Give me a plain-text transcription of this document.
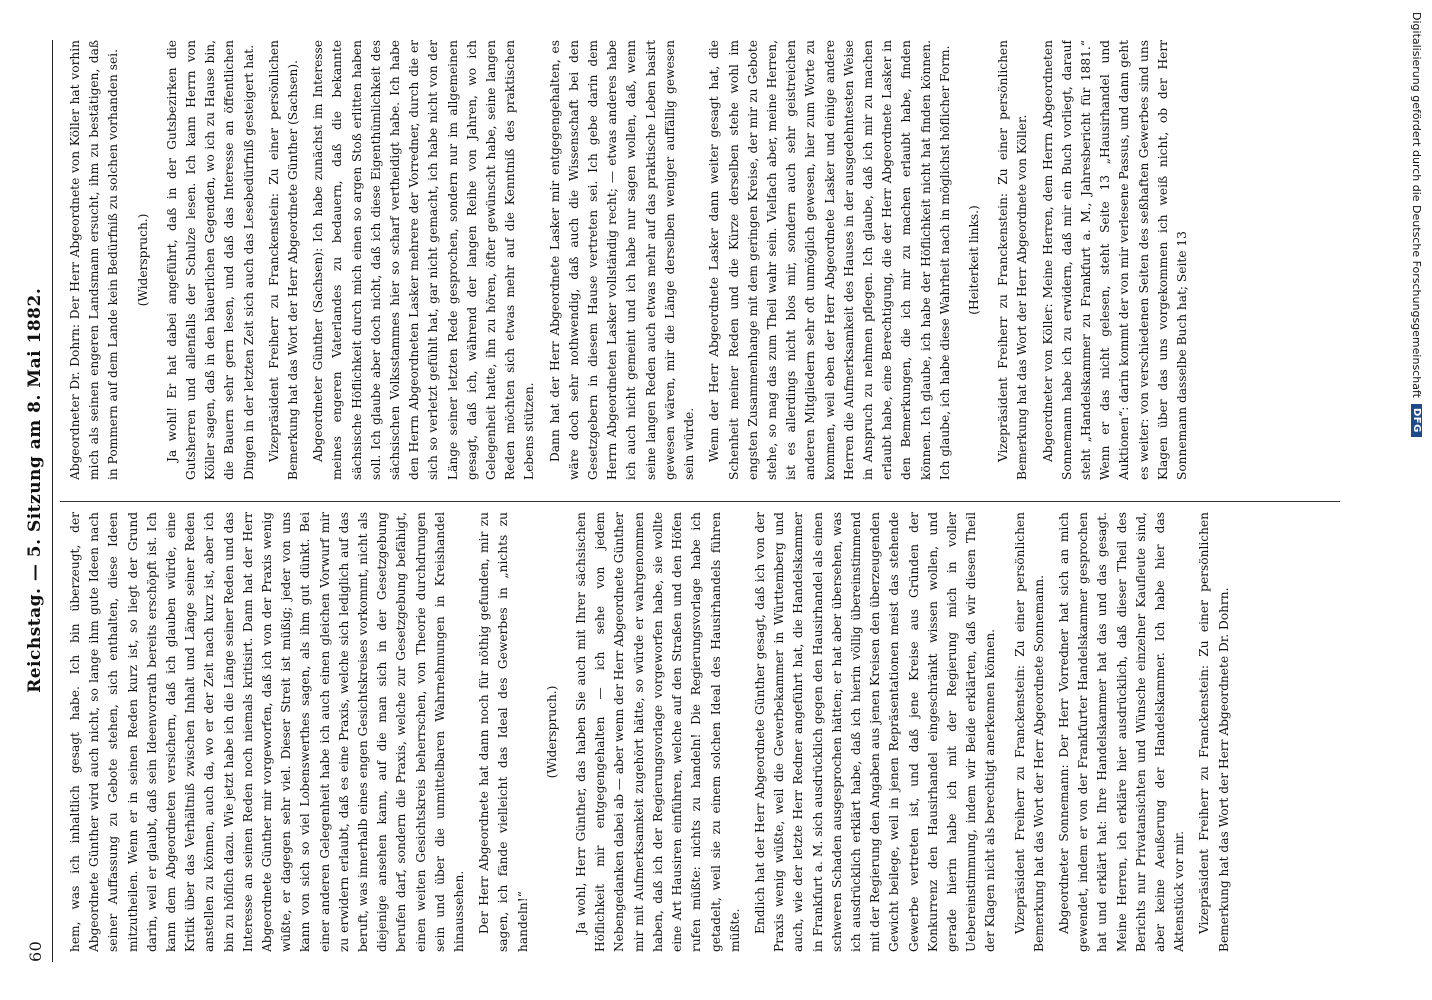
60
Reichstag. — 5. Sitzung am 8. Mai 1882.

hem, was ich inhaltlich gesagt habe. Ich bin überzeugt, der Abgeordnete Günther wird auch nicht, so lange ihm gute Ideen nach seiner Auffassung zu Gebote stehen, sich enthalten, diese Ideen mitzutheilen. Wenn er in seinen Reden kurz ist, so liegt der Grund darin, weil er glaubt, daß sein Ideenvorrath bereits erschöpft ist. Ich kann dem Abgeordneten versichern, daß ich glauben würde, eine Kritik über das Verhältniß zwischen Inhalt und Länge seiner Reden anstellen zu können, auch da, wo er der Zeit nach kurz ist, aber ich bin zu höflich dazu. Wie jetzt habe ich die Länge seiner Reden und das Interesse an seinen Reden noch niemals kritisirt. Dann hat der Herr Abgeordnete Günther mir vorgeworfen, daß ich von der Praxis wenig wüßte, er dagegen sehr viel. Dieser Streit ist müßig; jeder von uns kann von sich so viel Lobenswerthes sagen, als ihm gut dünkt. Bei einer anderen Gelegenheit habe ich auch einen gleichen Vorwurf mir zu erwidern erlaubt, daß es eine Praxis, welche sich lediglich auf das beruft, was innerhalb eines engen Gesichtskreises vorkommt, nicht als diejenige ansehen kann, auf die man sich in der Gesetzgebung berufen darf, sondern die Praxis, welche zur Gesetzgebung befähigt, einen weiten Gesichtskreis beherrschen, von Theorie durchdrungen sein und über die unmittelbaren Wahrnehmungen in Kreishandel hinaussehen. Der Herr Abgeordnete hat dann noch für nöthig gefunden, mir zu sagen, ich fände vielleicht das Ideal des Gewerbes in „nichts zu handeln!“

(Widerspruch.) Ja wohl, Herr Günther, das haben Sie auch mit Ihrer sächsischen Höflichkeit mir entgegengehalten — ich sehe von jedem Nebengedanken dabei ab — aber wenn der Herr Abgeordnete Günther mir mit Aufmerksamkeit zugehört hätte, so würde er wahrgenommen haben, daß ich der Regierungsvorlage vorgeworfen habe, sie wollte eine Art Hausiren einführen, welche auf den Straßen und den Höfen rufen müßte: nichts zu handeln! Die Regierungsvorlage habe ich getadelt, weil sie zu einem solchen Ideal des Hausirhandels führen müßte. Endlich hat der Herr Abgeordnete Günther gesagt, daß ich von der Praxis wenig wüßte, weil die Gewerbekammer in Württemberg und auch, wie der letzte Herr Redner angeführt hat, die Handelskammer in Frankfurt a. M. sich ausdrücklich gegen den Hausirhandel als einen schweren Schaden ausgesprochen hätten; er hat aber übersehen, was ich ausdrücklich erklärt habe, daß ich hierin völlig übereinstimmend mit der Regierung den Angaben aus jenen Kreisen den überzeugenden Gewicht beilege, weil in jenen Repräsentationen meist das stehende Gewerbe vertreten ist, und daß jene Kreise aus Gründen der Konkurrenz den Hausirhandel eingeschränkt wissen wollen, und gerade hierin habe ich mit der Regierung mich in voller Uebereinstimmung, indem wir Beide erklärten, daß wir diesen Theil der Klagen nicht als berechtigt anerkennen können. Vizepräsident Freiherr zu Franckenstein: Zu einer persönlichen Bemerkung hat das Wort der Herr Abgeordnete Sonnemann. Abgeordneter Sonnemann: Der Herr Vorredner hat sich an mich gewendet, indem er von der Frankfurter Handelskammer gesprochen hat und erklärt hat: Ihre Handelskammer hat das und das gesagt. Meine Herren, ich erkläre hier ausdrücklich, daß dieser Theil des Berichts nur Privatansichten und Wünsche einzelner Kaufleute sind, aber keine Aeußerung der Handelskammer. Ich habe hier das Aktenstück vor mir. Vizepräsident Freiherr zu Franckenstein: Zu einer persönlichen Bemerkung hat das Wort der Herr Abgeordnete Dr. Dohrn.

Abgeordneter Dr. Dohrn: Der Herr Abgeordnete von Köller hat vorhin mich als seinen engeren Landsmann ersucht, ihm zu bestätigen, daß in Pommern auf dem Lande kein Bedürfniß zu solchen vorhanden sei. (Widerspruch.) Ja wohl! Er hat dabei angeführt, daß in der Gutsbezirken die Gutsherren und allenfalls der Schulze lesen. Ich kann Herrn von Köller sagen, daß in den bäuerlichen Gegenden, wo ich zu Hause bin, die Bauern sehr gern lesen, und daß das Interesse an öffentlichen Dingen in der letzten Zeit sich auch das Lesebedürfniß gesteigert hat. Vizepräsident Freiherr zu Franckenstein: Zu einer persönlichen Bemerkung hat das Wort der Herr Abgeordnete Günther (Sachsen). Abgeordneter Günther (Sachsen): Ich habe zunächst im Interesse meines engeren Vaterlandes zu bedauern, daß die bekannte sächsische Höflichkeit durch mich einen so argen Stoß erlitten haben soll. Ich glaube aber doch nicht, daß ich diese Eigenthümlichkeit des sächsischen Volksstammes hier so scharf vertheidigt habe. Ich habe den Herrn Abgeordneten Lasker mehrere der Vorredner, durch die er sich so verletzt gefühlt hat, gar nicht gemacht, ich habe nicht von der Länge seiner letzten Rede gesprochen, sondern nur im allgemeinen gesagt, daß ich, während der langen Reihe von Jahren, wo ich Gelegenheit hatte, ihn zu hören, öfter gewünscht habe, seine langen Reden möchten sich etwas mehr auf die Kenntniß des praktischen Lebens stützen. Dann hat der Herr Abgeordnete Lasker mir entgegengehalten, es wäre doch sehr nothwendig, daß auch die Wissenschaft bei den Gesetzgebern in diesem Hause vertreten sei. Ich gebe darin dem Herrn Abgeordneten Lasker vollständig recht; — etwas anderes habe ich auch nicht gemeint und ich habe nur sagen wollen, daß, wenn seine langen Reden auch etwas mehr auf das praktische Leben basirt gewesen wären, mir die Länge derselben weniger auffällig gewesen sein würde. Wenn der Herr Abgeordnete Lasker dann weiter gesagt hat, die Schenheit meiner Reden und die Kürze derselben stehe wohl im engsten Zusammenhange mit dem geringen Kreise, der mir zu Gebote stehe, so mag das zum Theil wahr sein. Vielfach aber, meine Herren, ist es allerdings nicht blos mir, sondern auch sehr geistreichen anderen Mitgliedern sehr oft unmöglich gewesen, hier zum Worte zu kommen, weil eben der Herr Abgeordnete Lasker und einige andere Herren die Aufmerksamkeit des Hauses in der ausgedehntesten Weise in Anspruch zu nehmen pflegen. Ich glaube, daß ich mir zu machen erlaubt habe, eine Berechtigung, die der Herr Abgeordnete Lasker in den Bemerkungen, die ich mir zu machen erlaubt habe, finden können. Ich glaube, ich habe der Höflichkeit nicht hat finden können. Ich glaube, ich habe diese Wahrheit nach in möglichst höflicher Form. (Heiterkeit links.) Vizepräsident Freiherr zu Franckenstein: Zu einer persönlichen Bemerkung hat das Wort der Herr Abgeordnete von Köller. Abgeordneter von Köller: Meine Herren, dem Herrn Abgeordneten Sonnemann habe ich zu erwidern, daß mir ein Buch vorliegt, darauf steht „Handelskammer zu Frankfurt a. M., Jahresbericht für 1881.“ Wenn er das nicht gelesen, steht Seite 13 „Hausirhandel und Auktionen“: darin kommt der von mir verlesene Passus, und dann geht es weiter: von verschiedenen Seiten des seßhaften Gewerbes sind uns Klagen über das uns vorgekommen ich weiß nicht, ob der Herr Sonnemann dasselbe Buch hat; Seite 13	Digitalisierung gefördert durch die Deutsche Forschungsgemeinschaft
DFG
